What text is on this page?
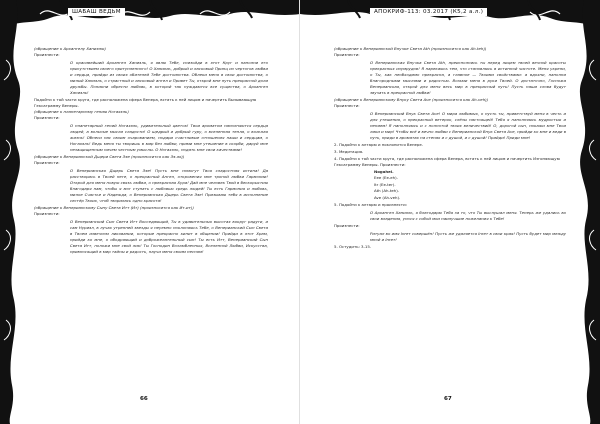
ШАБАШ ВЕДЬМ

(обращение к Архангелу Ханиэлю)

Произнести:

О красивейший Архангел Ханиэль, я явлю Тебе, снизойди в этот Круг и наполни его присутствием своего притупленного! О Ханиэль, добрый и ласковый Принц из чертогов любви и сердца, прийди из своих обителей Тебе достоинства. Облеки меня в свои достоинства, о милый Ханиэль, о страстный и ласковый ангел и Привет Ты, открой мне путь прекрасной доли дружбы. Поникни обрести любовь, в которой так нуждаются все существа, о Архангел Ханиэль!

Подойти к той части круга, где расположена сфера Венера, встать к ней лицом и начертить Вызывающую Гексаграмму Венеры.

(обращение к планетарному гению Ногахэль)

Произнести:

О планетарный гений Ногахэль, удивительный цветок! Твои ароматом наполняются сердца людей, а вольные мысли сладости! О щедрый и добрый гуру, о вселенная тепла, о вольная жизнь! Обнеси нас своим очарованием, подари счастливые отношения наши и сердцам, о Ногахэль! Ведь меня ты творишь в мир без любви, прими мне утешение в скорби, даруй мне незащищенным ничем честным умыслы. О Ногахэль, подать мне свои качествами!

(обращение к Венерианской Дщери Света Ээе (произносится как Ээ-эх))

Произнести:

О Венерианская Дщерь Света Ээе! Пусть мне помогут Твоя сладостная истина! Да расстворись в Твоей неге, о прекрасный Ангел, откровения мне тропой любви Гармонии! Открой для меня новую связь любви, о прекрасная Хура! Дай мне человек Твой в бескорыстию благодаря нам, чтобы я мог ступать с любовью средь людей! Ты есть Гармония и любовь, милое Счастье и Надежда, о Венерианская Дщерь Света Ээе! Призываю тебя в исполнение сестёр Твоих, чтоб творилась одно красота!

(обращение к Венерианскому Сыну Света Итт (Ит) (произносится как Ит-ит))

Произнести:

О Венерианский Сын Света Итт Восседающий, Ты в удивительных высотах вокруг радуги, и сам Нуриэл, в лучах утренней звезды я неуемно поклоняюсь Тебе, о Венерианский Сын Света в Твоем извечном ликовании, которые прекрасно кипит в общении! Прийди в этот Храм, прийди ко мне, о ободряющий и доброжелательный сын! Ты есть Итт, Венерианский Сын Света Итт, положи мне свой лик! Ты Господин Возлюбленных, Вселенной Любви, Искусства, привносящий в мир тайны и радость, научи меня своим песням!

66
АПОКРИФ-113: 03.2017 (К5,2 а.л.)

(обращение к Венерианской Внучке Света Ath (произносится как Ah-teh))

Произнести:

О Венерианская Внучка Света Ath, преисполнись ты перед лицем твоей вечной красоты прекрасных изумрудов! Я нарекаюсь тем, что становлюсь в истинной чистоте. Меня укрепи, о Ты, как необходимо прекрасна, а главное — Твоими свойствами: а вдохни, наполни благородными мыслями и радостью. Возьми меня в руки Твоей. О достаточно, Госпожа Венерианская, открой для меня весь мир в прекрасный путь! Пусть наши слова будут звучать в прекрасной любви!

(обращение к Венерианскому Внуку Света Ave (произносится как Ah-veh))

Произнести:

О Венерианский Внук Света Ave! О мира любимых, о пусть ты, приветствуй меня в честь и для утешения, о прекрасный ветерок, слёзы настоящей! Тебя я наполняюсь мудростью и пением! Я наполняюсь и с полнотой твоих величествий! О, дорогой сын, покажи мне Твои лики и мир! Чтобы всё и вечно любви с Венерианской Внук Света Ave, прийди ко мне и веди в путь, приди в ароматах на стенах и с душой, и с душой! Прийди! Приди мне!

2. Подойти к алтарю и поклонится Венере.

3. Медитация.

4. Подойти к той части круга, где расположена сфера Венера, встать к ней лицом и начертить Изгоняющую Гексаграмму Венеры. Произнести:

Nogahel.
Eee (Ee-eh).
Itr (Ee-ter).
Ath (Ah-teh).
Ave (Ah-veh).

5. Подойти к алтарю и произнести:

О Архангел Ханиэль, я благодарю Тебя за то, что Ты выслушал меня. Теперь же удались во свои владения, унося с собой мои наилучшие пожелания к Тебе!

Произнести:

Ритуал во имя Inreт совершён! Пусть же удаляется Inreт в свои края! Пусть будет мир между мной и Inreт!

5. Остудить: 3-15.

67
